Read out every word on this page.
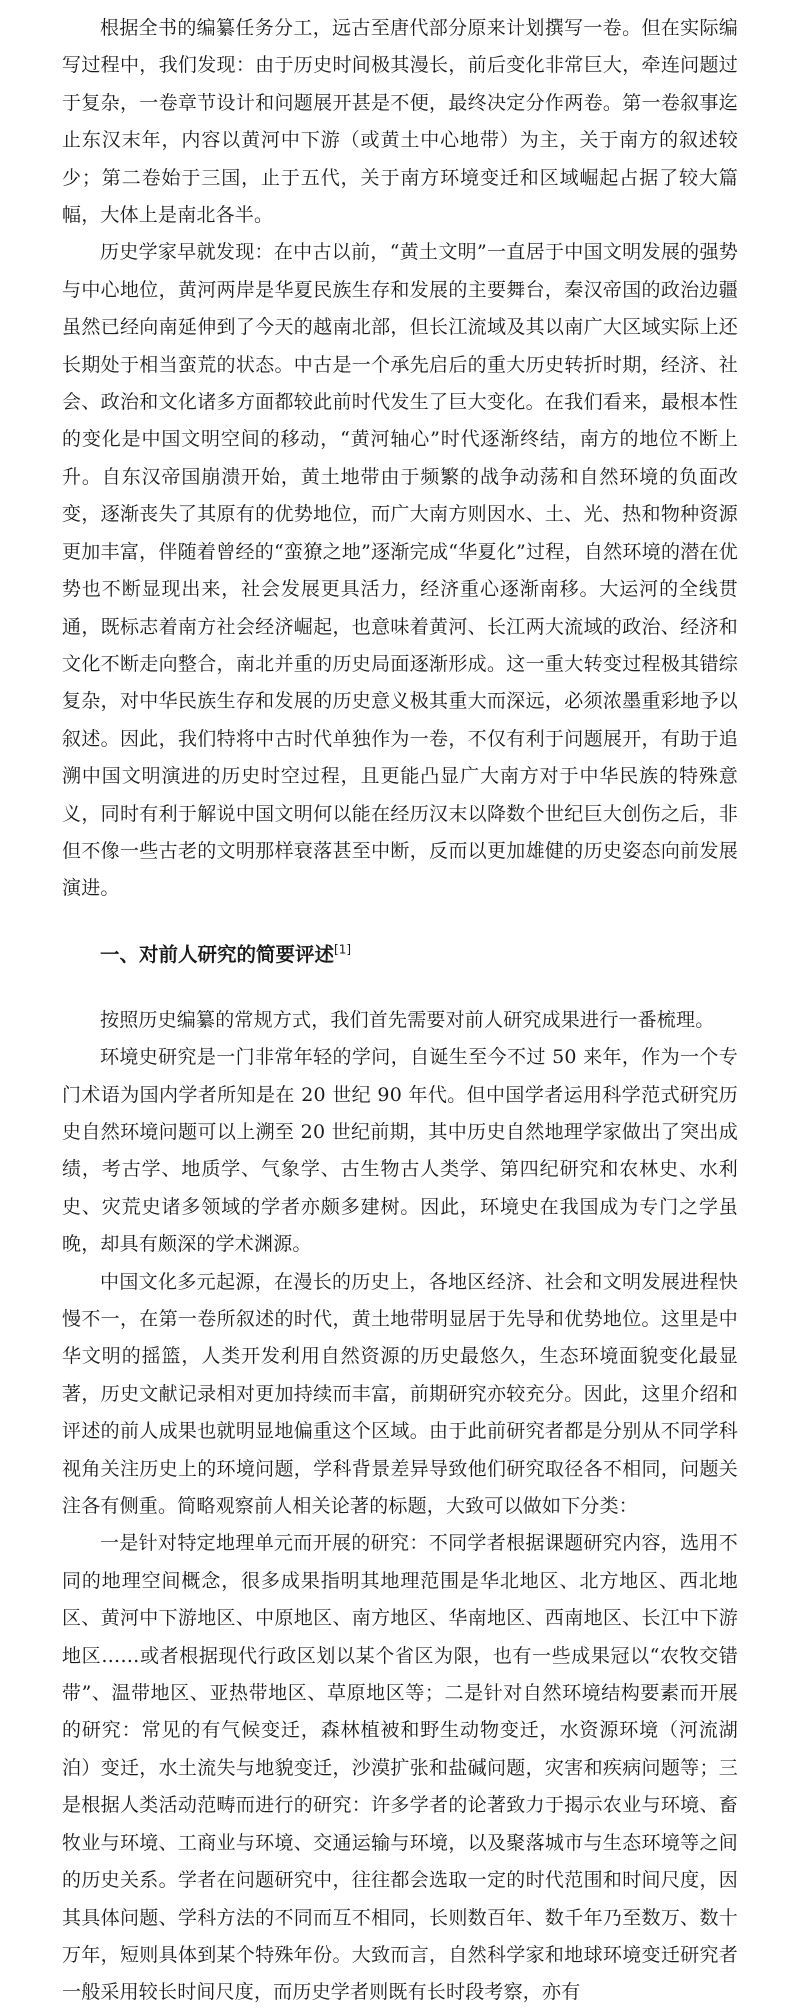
根据全书的编纂任务分工，远古至唐代部分原来计划撰写一卷。但在实际编写过程中，我们发现：由于历史时间极其漫长，前后变化非常巨大，牵连问题过于复杂，一卷章节设计和问题展开甚是不便，最终决定分作两卷。第一卷叙事迄止东汉末年，内容以黄河中下游（或黄土中心地带）为主，关于南方的叙述较少；第二卷始于三国，止于五代，关于南方环境变迁和区域崛起占据了较大篇幅，大体上是南北各半。

历史学家早就发现：在中古以前，“黄土文明”一直居于中国文明发展的强势与中心地位，黄河两岸是华夏民族生存和发展的主要舞台，秦汉帝国的政治边疆虽然已经向南延伸到了今天的越南北部，但长江流域及其以南广大区域实际上还长期处于相当蛮荒的状态。中古是一个承先启后的重大历史转折时期，经济、社会、政治和文化诸多方面都较此前时代发生了巨大变化。在我们看来，最根本性的变化是中国文明空间的移动，“黄河轴心”时代逐渐终结，南方的地位不断上升。自东汉帝国崩溃开始，黄土地带由于频繁的战争动荡和自然环境的负面改变，逐渐丧失了其原有的优势地位，而广大南方则因水、土、光、热和物种资源更加丰富，伴随着曾经的“蛮獠之地”逐渐完成“华夏化”过程，自然环境的潜在优势也不断显现出来，社会发展更具活力，经济重心逐渐南移。大运河的全线贯通，既标志着南方社会经济崛起，也意味着黄河、长江两大流域的政治、经济和文化不断走向整合，南北并重的历史局面逐渐形成。这一重大转变过程极其错综复杂，对中华民族生存和发展的历史意义极其重大而深远，必须浓墨重彩地予以叙述。因此，我们特将中古时代单独作为一卷，不仅有利于问题展开，有助于追溯中国文明演进的历史时空过程，且更能凸显广大南方对于中华民族的特殊意义，同时有利于解说中国文明何以能在经历汉末以降数个世纪巨大创伤之后，非但不像一些古老的文明那样衰落甚至中断，反而以更加雄健的历史姿态向前发展演进。

一、对前人研究的简要评述[1]

按照历史编纂的常规方式，我们首先需要对前人研究成果进行一番梳理。

环境史研究是一门非常年轻的学问，自诞生至今不过 50 来年，作为一个专门术语为国内学者所知是在 20 世纪 90 年代。但中国学者运用科学范式研究历史自然环境问题可以上溯至 20 世纪前期，其中历史自然地理学家做出了突出成绩，考古学、地质学、气象学、古生物古人类学、第四纪研究和农林史、水利史、灾荒史诸多领域的学者亦颇多建树。因此，环境史在我国成为专门之学虽晚，却具有颇深的学术渊源。

中国文化多元起源，在漫长的历史上，各地区经济、社会和文明发展进程快慢不一，在第一卷所叙述的时代，黄土地带明显居于先导和优势地位。这里是中华文明的摇篮，人类开发利用自然资源的历史最悠久，生态环境面貌变化最显著，历史文献记录相对更加持续而丰富，前期研究亦较充分。因此，这里介绍和评述的前人成果也就明显地偏重这个区域。由于此前研究者都是分别从不同学科视角关注历史上的环境问题，学科背景差异导致他们研究取径各不相同，问题关注各有侧重。简略观察前人相关论著的标题，大致可以做如下分类：

一是针对特定地理单元而开展的研究：不同学者根据课题研究内容，选用不同的地理空间概念，很多成果指明其地理范围是华北地区、北方地区、西北地区、黄河中下游地区、中原地区、南方地区、华南地区、西南地区、长江中下游地区……或者根据现代行政区划以某个省区为限，也有一些成果冠以“农牧交错带”、温带地区、亚热带地区、草原地区等；二是针对自然环境结构要素而开展的研究：常见的有气候变迁，森林植被和野生动物变迁，水资源环境（河流湖泊）变迁，水土流失与地貌变迁，沙漠扩张和盐碱问题，灾害和疾病问题等；三是根据人类活动范畴而进行的研究：许多学者的论著致力于揭示农业与环境、畜牧业与环境、工商业与环境、交通运输与环境，以及聚落城市与生态环境等之间的历史关系。学者在问题研究中，往往都会选取一定的时代范围和时间尺度，因其具体问题、学科方法的不同而互不相同，长则数百年、数千年乃至数万、数十万年，短则具体到某个特殊年份。大致而言，自然科学家和地球环境变迁研究者一般采用较长时间尺度，而历史学者则既有长时段考察，亦有
